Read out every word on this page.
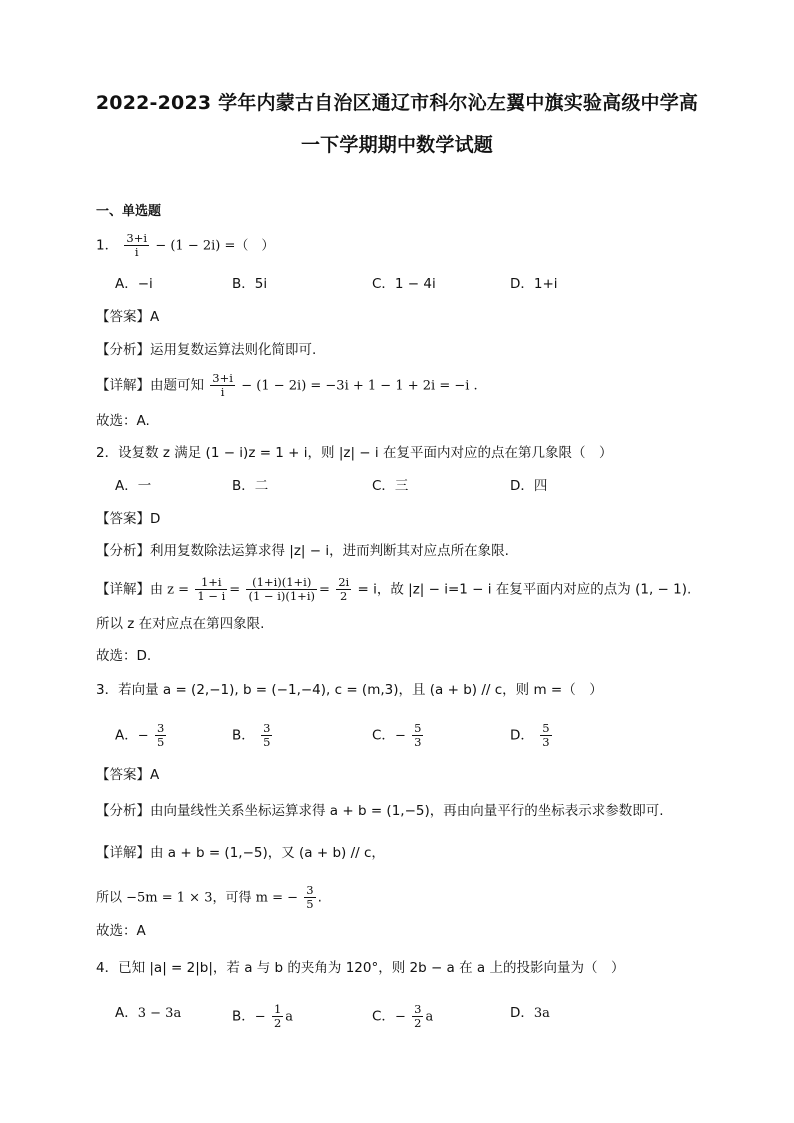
2022-2023 学年内蒙古自治区通辽市科尔沁左翼中旗实验高级中学高
一下学期期中数学试题
一、单选题
1． $\frac{3+i}{i} - (1 - 2i)$ =（　）
A．−i	B．5i	C．1 − 4i	D．1+i
【答案】A
【分析】运用复数运算法则化简即可.
【详解】由题可知 $\frac{3+i}{i} - (1 - 2i) = -3i + 1 - 1 + 2i = -i$ .
故选：A.
2．设复数 z 满足 (1 − i)z = 1 + i，则 |z| − i 在复平面内对应的点在第几象限（　）
A．一	B．二	C．三	D．四
【答案】D
【分析】利用复数除法运算求得 |z| − i，进而判断其对应点所在象限.
【详解】由 $z = \frac{1+i}{1 - i} = \frac{(1+i)(1+i)}{(1 - i)(1+i)} = \frac{2i}{2} = i$，故 |z| − i=1 − i 在复平面内对应的点为 (1, − 1).
所以 z 在对应点在第四象限.
故选：D.
3．若向量 a = (2,−1), b = (−1,−4), c = (m,3)，且 (a + b) // c，则 m =（　）
A．− $\frac{3}{5}$	B． $\frac{3}{5}$	C．− $\frac{5}{3}$	D． $\frac{5}{3}$
【答案】A
【分析】由向量线性关系坐标运算求得 a + b = (1,−5)，再由向量平行的坐标表示求参数即可.
【详解】由 a + b = (1,−5)，又 (a + b) // c，
所以 −5m = 1 × 3，可得 m = − $\frac{3}{5}$ .
故选：A
4．已知 |a| = 2|b|，若 a 与 b 的夹角为 120°，则 2b − a 在 a 上的投影向量为（　）
A．3 − 3a	B．− $\frac{1}{2}$ a	C．− $\frac{3}{2}$ a	D．3a
